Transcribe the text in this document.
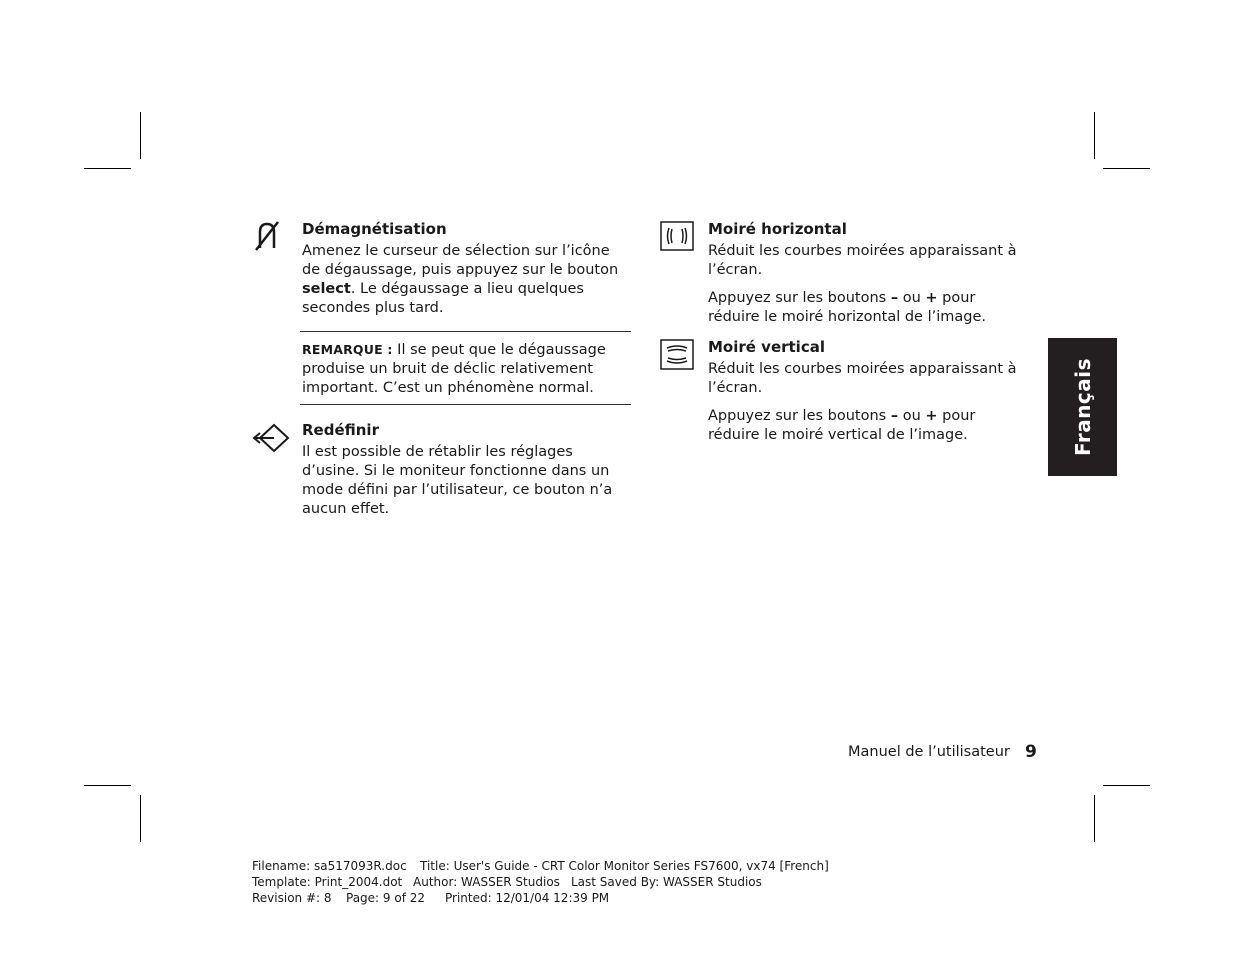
Démagnétisation

Amenez le curseur de sélection sur l’icône
de dégaussage, puis appuyez sur le bouton
select. Le dégaussage a lieu quelques secondes plus tard.

REMARQUE : Il se peut que le dégaussage produise un bruit de déclic relativement important. C’est un phénomène normal.

Redéfinir

Il est possible de rétablir les réglages d’usine. Si le moniteur fonctionne dans un mode défini par l’utilisateur, ce bouton n’a aucun effet.

Moiré horizontal

Réduit les courbes moirées apparaissant à l’écran.

Appuyez sur les boutons – ou + pour réduire le moiré horizontal de l’image.

Moiré vertical

Réduit les courbes moirées apparaissant à l’écran.

Appuyez sur les boutons – ou + pour réduire le moiré vertical de l’image.	Français
Manuel de l’utilisateur 9
Filename: sa517093R.doc Title: User's Guide - CRT Color Monitor Series FS7600, vx74 [French]
Template: Print_2004.dot Author: WASSER Studios Last Saved By: WASSER Studios
Revision #: 8 Page: 9 of 22 Printed: 12/01/04 12:39 PM
